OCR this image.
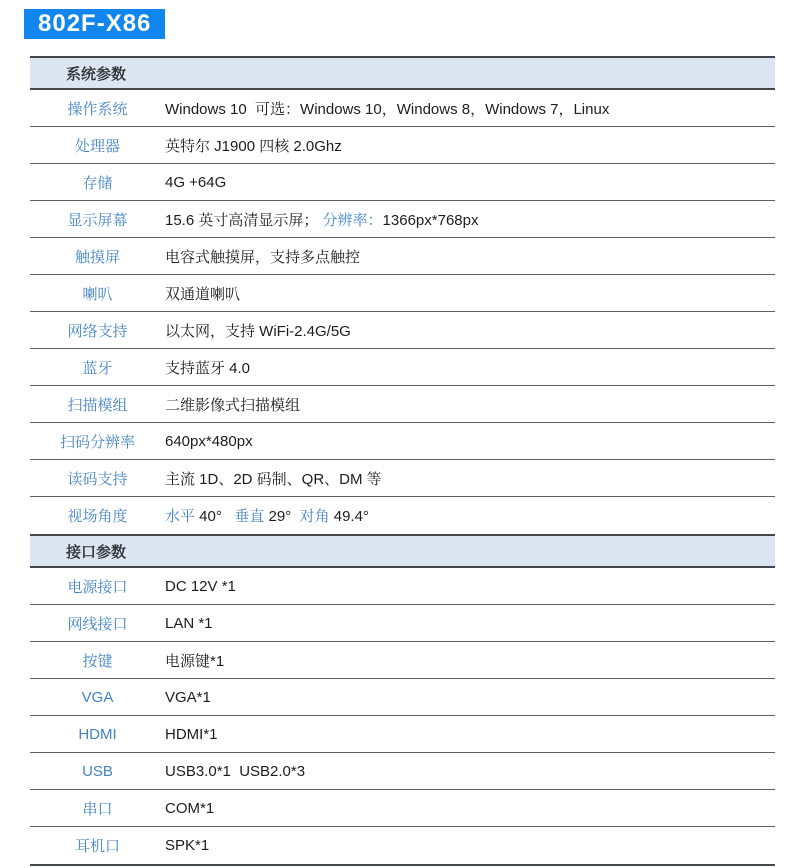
802F-X86
系统参数
操作系统	Windows 10  可选：Windows 10，Windows 8，Windows 7，Linux
处理器	英特尔 J1900 四核 2.0Ghz
存储	4G +64G
显示屏幕	15.6 英寸高清显示屏； 分辨率：1366px*768px
触摸屏	电容式触摸屏，支持多点触控
喇叭	双通道喇叭
网络支持	以太网，支持 WiFi-2.4G/5G
蓝牙	支持蓝牙 4.0
扫描模组	二维影像式扫描模组
扫码分辨率	640px*480px
读码支持	主流 1D、2D 码制、QR、DM 等
视场角度	水平 40°   垂直 29°  对角 49.4°
接口参数
电源接口	DC 12V *1
网线接口	LAN *1
按键	电源键*1
VGA	VGA*1
HDMI	HDMI*1
USB	USB3.0*1  USB2.0*3
串口	COM*1
耳机口	SPK*1
